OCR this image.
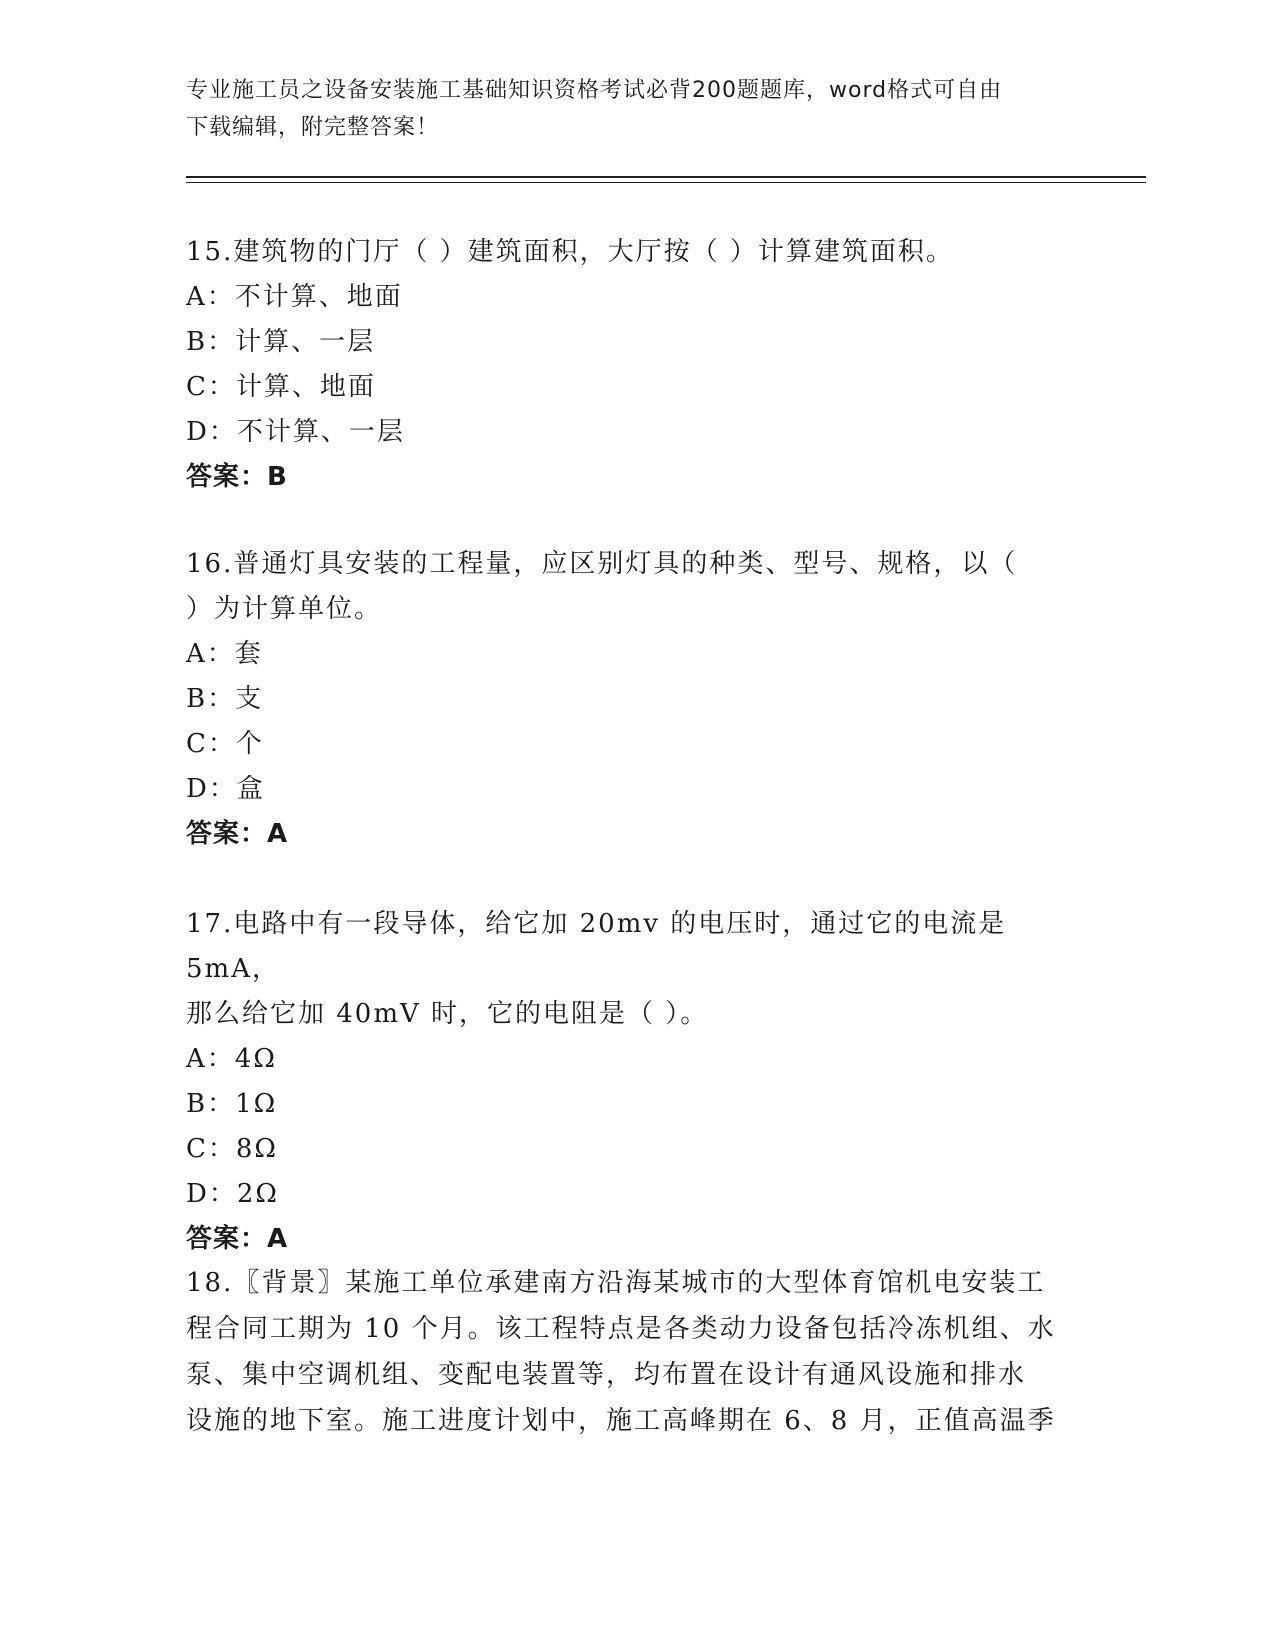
专业施工员之设备安装施工基础知识资格考试必背200题题库，word格式可自由
下载编辑，附完整答案！
15.建筑物的门厅（ ）建筑面积，大厅按（ ）计算建筑面积。
A：不计算、地面
B：计算、一层
C：计算、地面
D：不计算、一层
答案：B
16.普通灯具安装的工程量，应区别灯具的种类、型号、规格，以（
）为计算单位。
A：套
B：支
C：个
D：盒
答案：A
17.电路中有一段导体，给它加 20mv 的电压时，通过它的电流是 5mA，
那么给它加 40mV 时，它的电阻是（ ）。
A：4Ω
B：1Ω
C：8Ω
D：2Ω
答案：A
18.〖背景〗某施工单位承建南方沿海某城市的大型体育馆机电安装工
程合同工期为 10 个月。该工程特点是各类动力设备包括冷冻机组、水
泵、集中空调机组、变配电装置等，均布置在设计有通风设施和排水
设施的地下室。施工进度计划中，施工高峰期在 6、8 月，正值高温季
